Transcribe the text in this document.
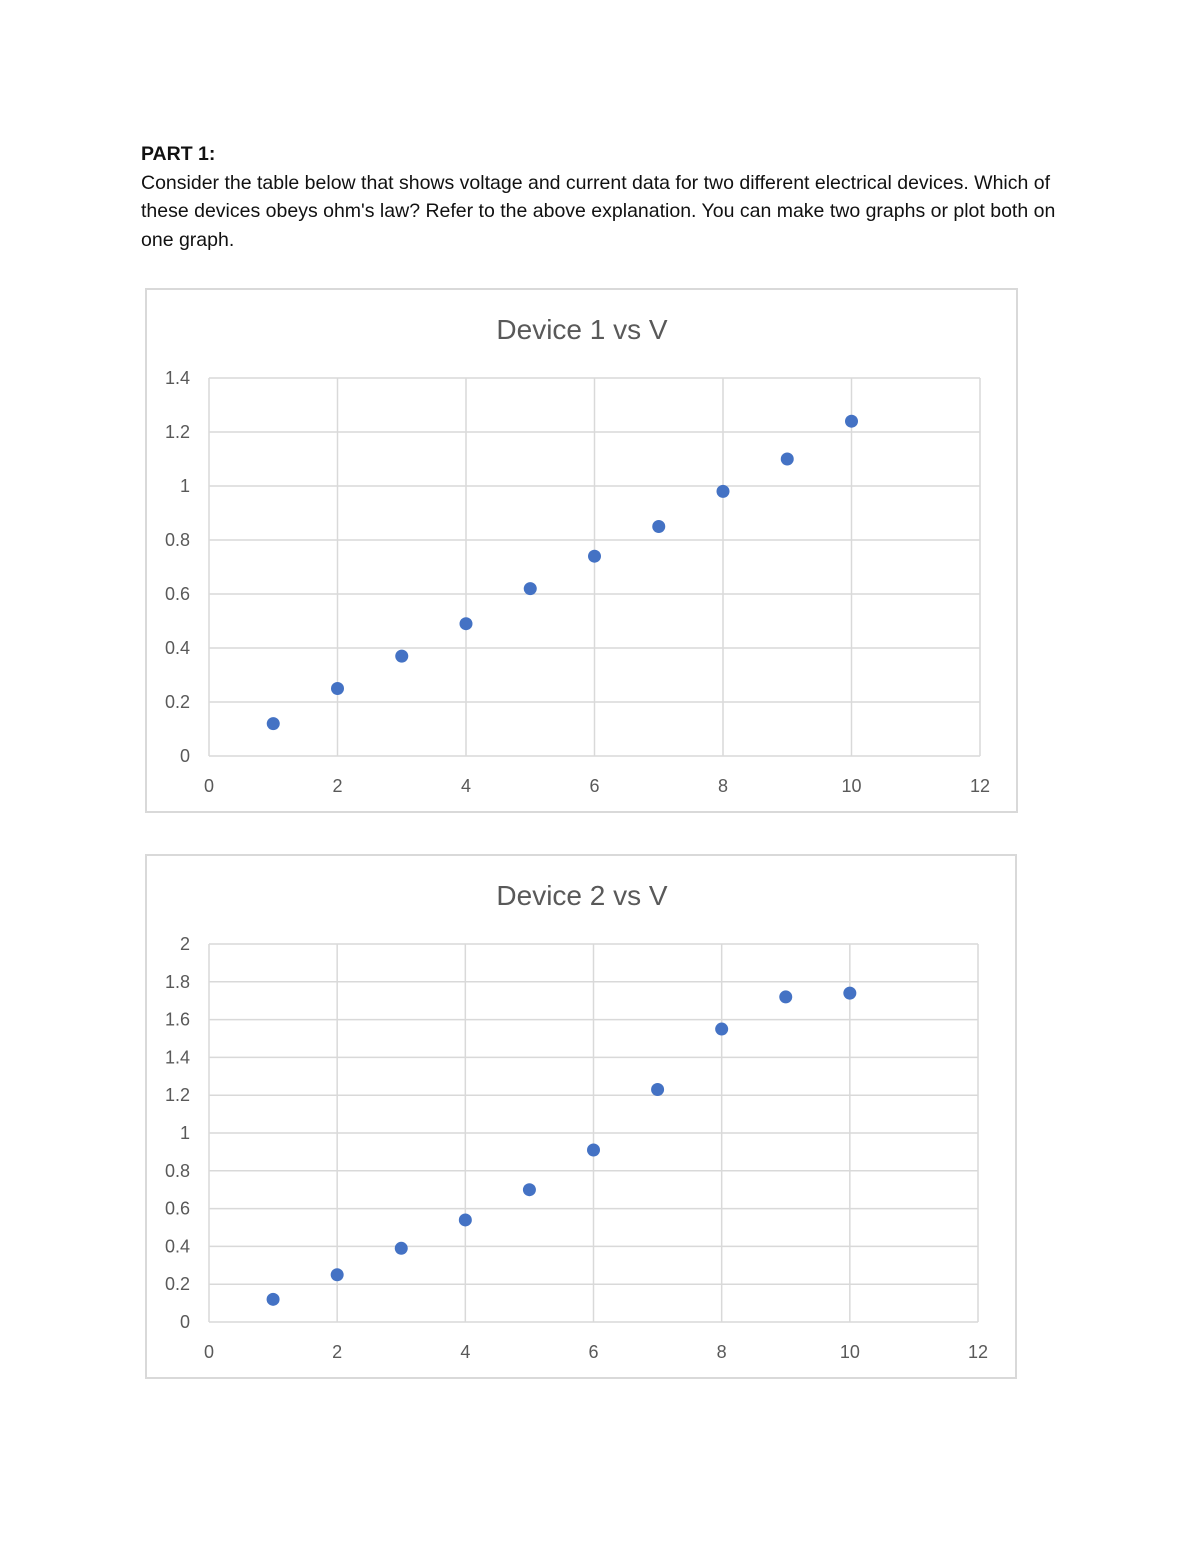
PART 1:

Consider the table below that shows voltage and current data for two different electrical devices. Which of these devices obeys ohm's law? Refer to the above explanation. You can make two graphs or plot both on one graph.

Device 1 vs V
0
0.2
0.4
0.6
0.8
1
1.2
1.4
0	2	4	6	8	10	12
Device 2 vs V
0
0.2
0.4
0.6
0.8
1
1.2
1.4
1.6
1.8
2
0	2	4	6	8	10	12
